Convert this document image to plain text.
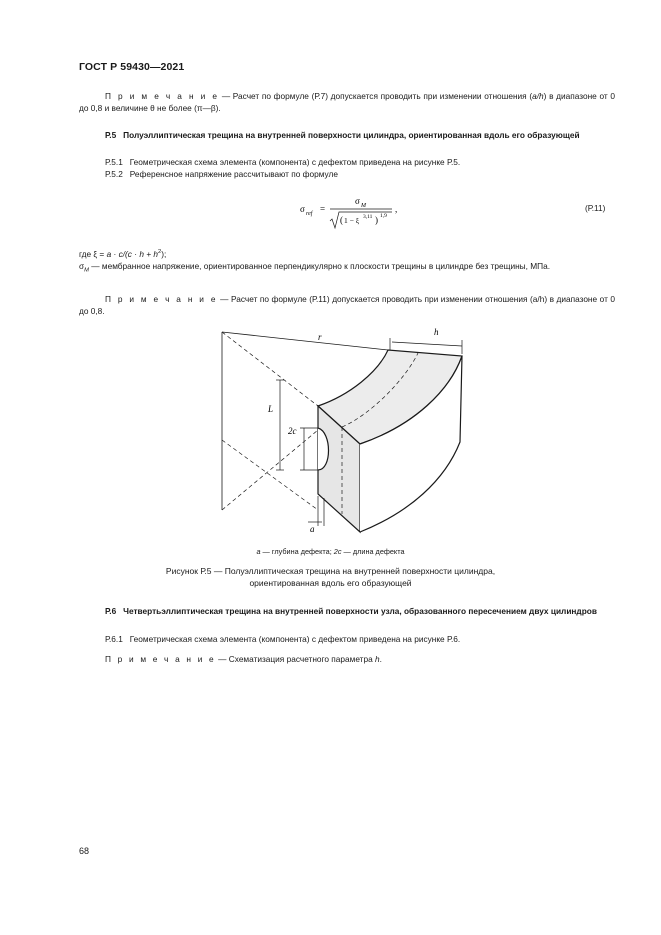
ГОСТ Р 59430—2021
П р и м е ч а н и е — Расчет по формуле (Р.7) допускается проводить при изменении отношения (a/h) в диапазоне от 0 до 0,8 и величине θ не более (π—β).
Р.5 Полуэллиптическая трещина на внутренней поверхности цилиндра, ориентированная вдоль его образующей
Р.5.1 Геометрическая схема элемента (компонента) с дефектом приведена на рисунке Р.5.
Р.5.2 Референсное напряжение рассчитывают по формуле
σ ref =
σ M
( 1 − ξ 3,11 ) 1,9
,	(Р.11)
где $\xi = a \cdot c/(c \cdot h + h^2)$;
$\sigma_M$ — мембранное напряжение, ориентированное перпендикулярно к плоскости трещины в цилиндре без трещины, МПа.
П р и м е ч а н и е — Расчет по формуле (Р.11) допускается проводить при изменении отношения (a/h) в диапазоне от 0 до 0,8.
r	h
L
2c
a
a — глубина дефекта; 2c — длина дефекта
Рисунок Р.5 — Полуэллиптическая трещина на внутренней поверхности цилиндра,
ориентированная вдоль его образующей
Р.6 Четвертьэллиптическая трещина на внутренней поверхности узла, образованного пересечением двух цилиндров
Р.6.1 Геометрическая схема элемента (компонента) с дефектом приведена на рисунке Р.6.
П р и м е ч а н и е — Схематизация расчетного параметра h.
68
